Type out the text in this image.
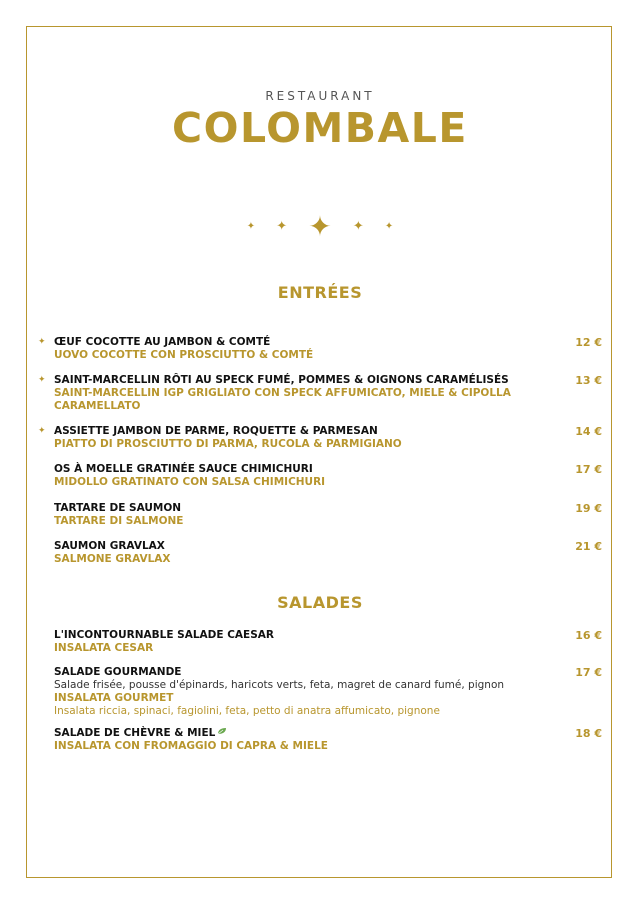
RESTAURANT
COLOMBALE
✦ ✦ ✦ ✦ ✦
ENTRÉES
✦ ŒUF COCOTTE AU JAMBON & COMTÉ
UOVO COCOTTE CON PROSCIUTTO & COMTÉ
12 €
✦ SAINT-MARCELLIN RÔTI AU SPECK FUMÉ, POMMES & OIGNONS CARAMÉLISÉS
SAINT-MARCELLIN IGP GRIGLIATO CON SPECK AFFUMICATO, MIELE & CIPOLLA CARAMELLATO
13 €
✦ ASSIETTE JAMBON DE PARME, ROQUETTE & PARMESAN
PIATTO DI PROSCIUTTO DI PARMA, RUCOLA & PARMIGIANO
14 €
OS À MOELLE GRATINÉE SAUCE CHIMICHURI
MIDOLLO GRATINATO CON SALSA CHIMICHURI
17 €
TARTARE DE SAUMON
TARTARE DI SALMONE
19 €
SAUMON GRAVLAX
SALMONE GRAVLAX
21 €
SALADES
L'INCONTOURNABLE SALADE CAESAR
INSALATA CESAR
16 €
SALADE GOURMANDE
Salade frisée, pousse d'épinards, haricots verts, feta, magret de canard fumé, pignon
INSALATA GOURMET
Insalata riccia, spinaci, fagiolini, feta, petto di anatra affumicato, pignone
17 €
SALADE DE CHÈVRE & MIEL
INSALATA CON FROMAGGIO DI CAPRA & MIELE
18 €
